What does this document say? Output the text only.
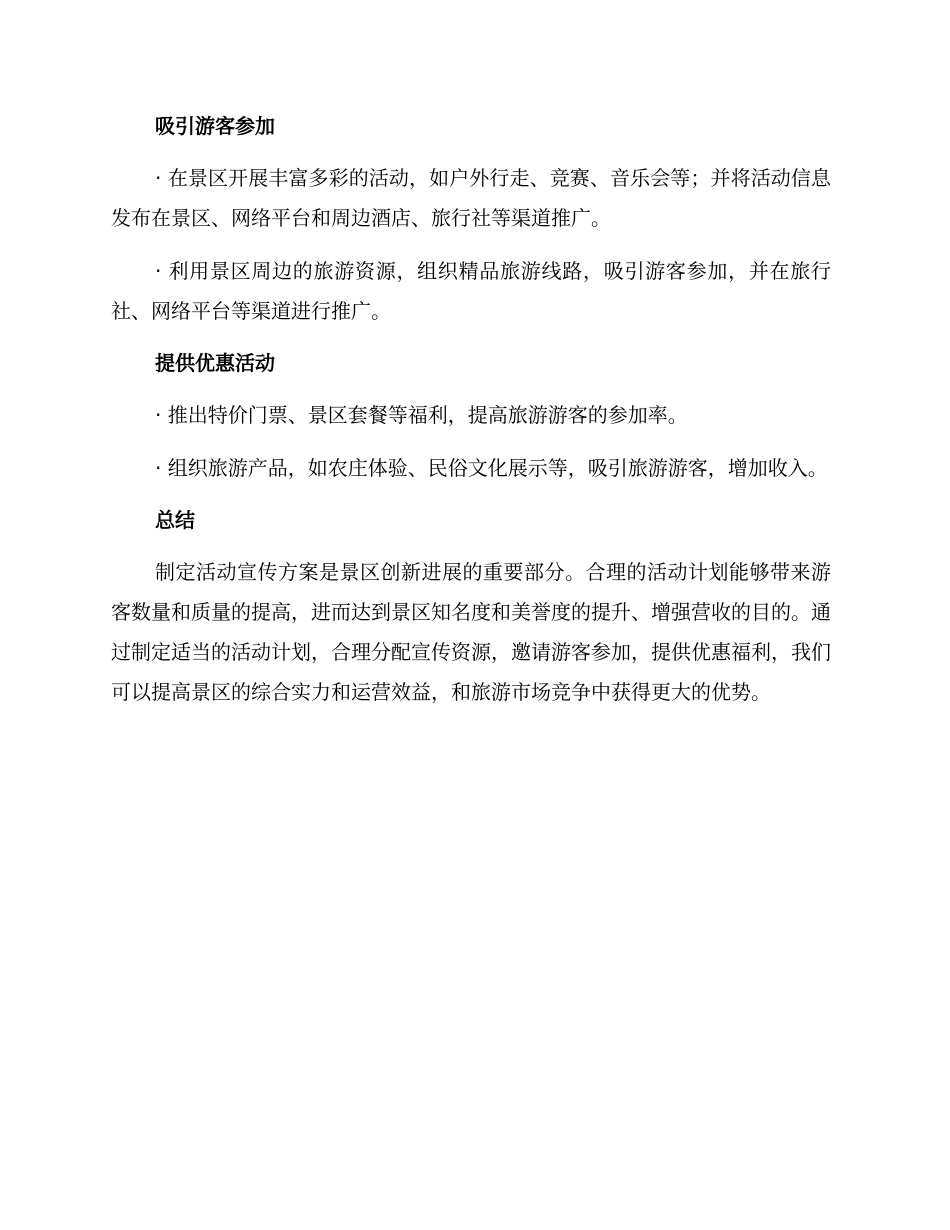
吸引游客参加

· 在景区开展丰富多彩的活动，如户外行走、竞赛、音乐会等；并将活动信息发布在景区、网络平台和周边酒店、旅行社等渠道推广。

· 利用景区周边的旅游资源，组织精品旅游线路，吸引游客参加，并在旅行社、网络平台等渠道进行推广。

提供优惠活动

· 推出特价门票、景区套餐等福利，提高旅游游客的参加率。

· 组织旅游产品，如农庄体验、民俗文化展示等，吸引旅游游客，增加收入。

总结

制定活动宣传方案是景区创新进展的重要部分。合理的活动计划能够带来游客数量和质量的提高，进而达到景区知名度和美誉度的提升、增强营收的目的。通过制定适当的活动计划，合理分配宣传资源，邀请游客参加，提供优惠福利，我们可以提高景区的综合实力和运营效益，和旅游市场竞争中获得更大的优势。
